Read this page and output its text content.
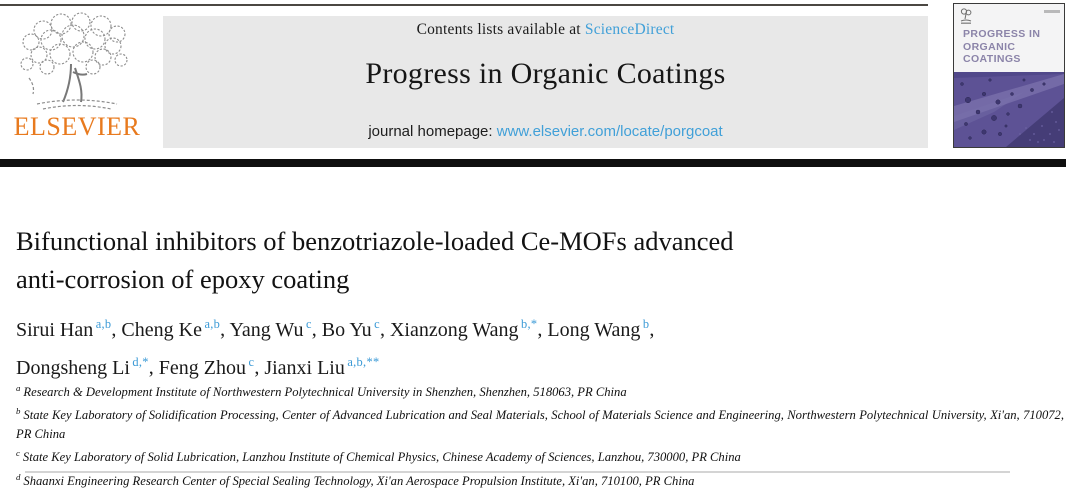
ELSEVIER
Contents lists available at ScienceDirect
Progress in Organic Coatings
journal homepage: www.elsevier.com/locate/porgcoat
PROGRESS IN ORGANIC COATINGS
Bifunctional inhibitors of benzotriazole-loaded Ce-MOFs advanced
anti-corrosion of epoxy coating
Sirui Han $^{a,b}$, Cheng Ke $^{a,b}$, Yang Wu $^c$, Bo Yu $^c$, Xianzong Wang $^{b,*}$, Long Wang $^b$,
Dongsheng Li $^{d,*}$, Feng Zhou $^c$, Jianxi Liu $^{a,b,**}$

$^a$ Research & Development Institute of Northwestern Polytechnical University in Shenzhen, Shenzhen, 518063, PR China

$^b$ State Key Laboratory of Solidification Processing, Center of Advanced Lubrication and Seal Materials, School of Materials Science and Engineering, Northwestern Polytechnical University, Xi'an, 710072, PR China

$^c$ State Key Laboratory of Solid Lubrication, Lanzhou Institute of Chemical Physics, Chinese Academy of Sciences, Lanzhou, 730000, PR China

$^d$ Shaanxi Engineering Research Center of Special Sealing Technology, Xi'an Aerospace Propulsion Institute, Xi'an, 710100, PR China
